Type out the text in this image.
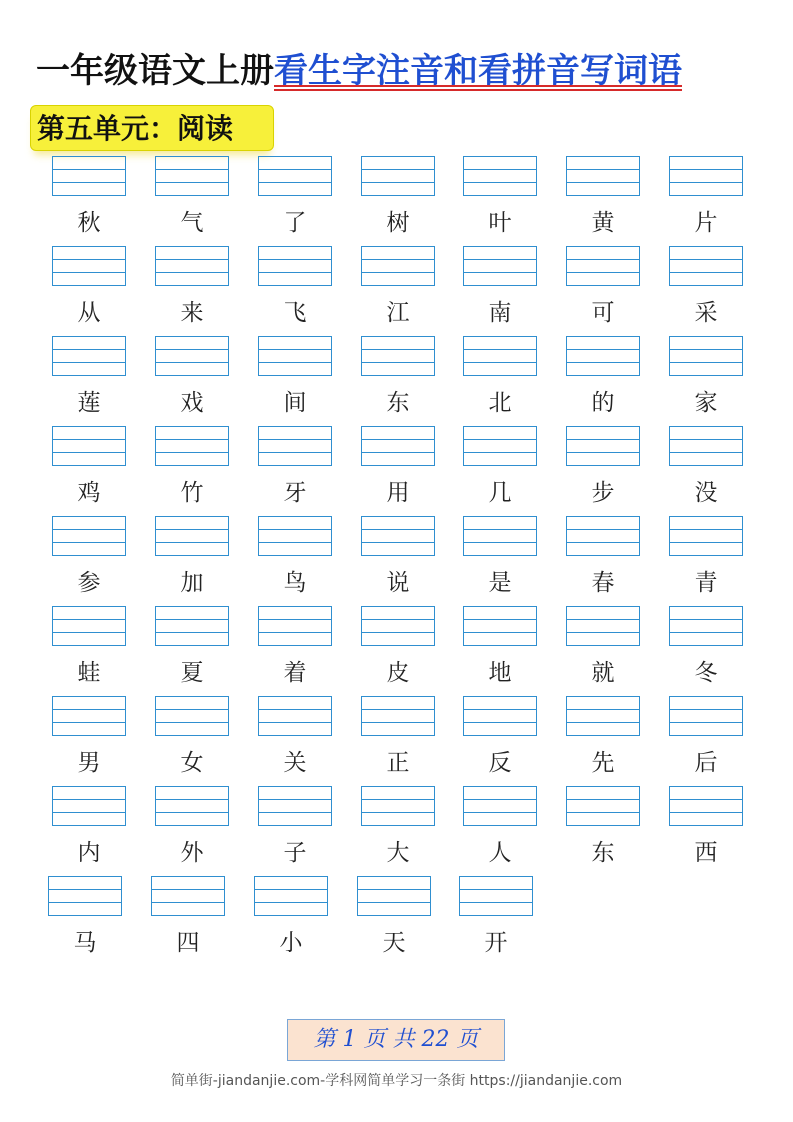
一年级语文上册看生字注音和看拼音写词语
第五单元：阅读
秋	气	了	树	叶	黄	片
从	来	飞	江	南	可	采
莲	戏	间	东	北	的	家
鸡	竹	牙	用	几	步	没
参	加	鸟	说	是	春	青
蛙	夏	着	皮	地	就	冬
男	女	关	正	反	先	后
内	外	子	大	人	东	西
马	四	小	天	开
第 1 页 共 22 页
简单街-jiandanjie.com-学科网简单学习一条街 https://jiandanjie.com
